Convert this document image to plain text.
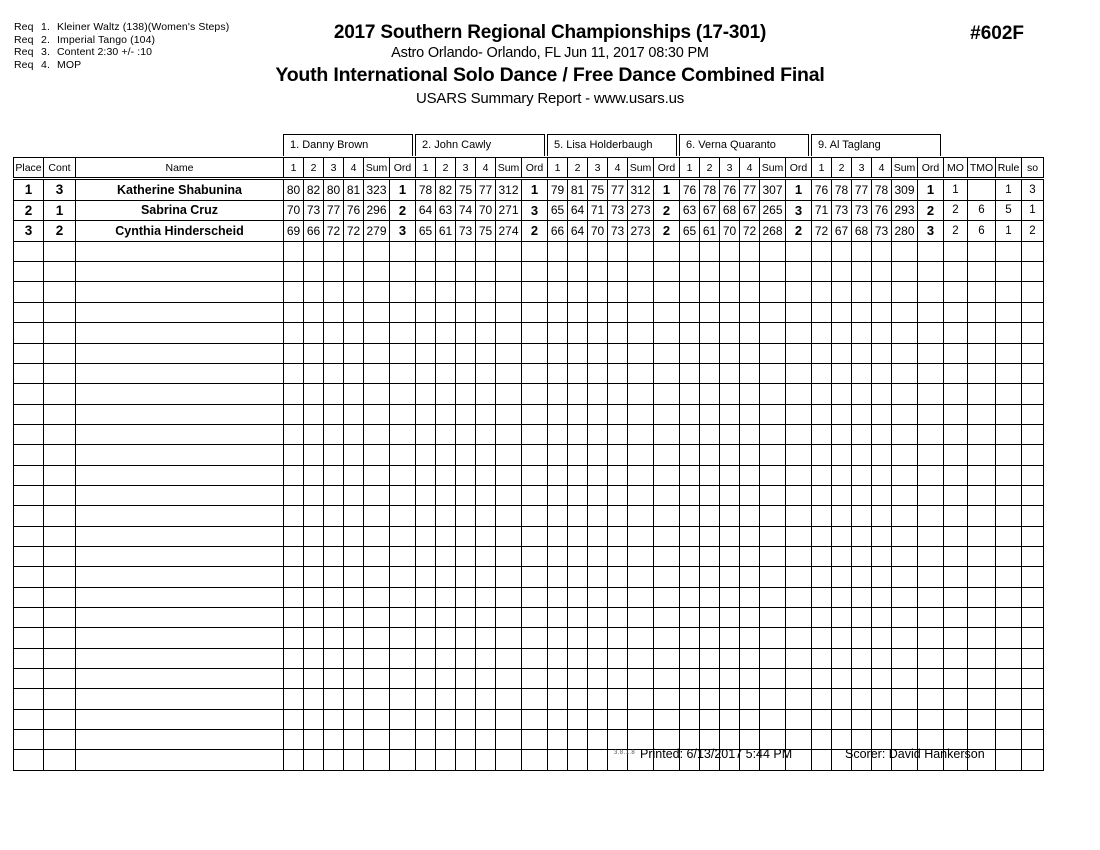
Req 1. Kleiner Waltz (138)(Women's Steps)
Req 2. Imperial Tango (104)
Req 3. Content 2:30 +/- :10
Req 4. MOP
2017 Southern Regional Championships (17-301)
Astro Orlando- Orlando, FL Jun 11, 2017 08:30 PM
Youth International Solo Dance / Free Dance Combined Final
USARS Summary Report - www.usars.us
#602F
1. Danny Brown	2. John Cawly	5. Lisa Holderbaugh	6. Verna Quaranto	9. Al Taglang
Place	Cont	Name	1	2	3	4	Sum	Ord	1	2	3	4	Sum	Ord	1	2	3	4	Sum	Ord	1	2	3	4	Sum	Ord	1	2	3	4	Sum	Ord	MO	TMO	Rule	so
1	3	Katherine Shabunina	80	82	80	81	323	1	78	82	75	77	312	1	79	81	75	77	312	1	76	78	76	77	307	1	76	78	77	78	309	1	1		1	3
2	1	Sabrina Cruz	70	73	77	76	296	2	64	63	74	70	271	3	65	64	71	73	273	2	63	67	68	67	265	3	71	73	73	76	293	2	2	6	5	1
3	2	Cynthia Hinderscheid	69	66	72	72	279	3	65	61	73	75	274	2	66	64	70	73	273	2	65	61	70	72	268	2	72	67	68	73	280	3	2	6	1	2

3.8.1.8 Printed: 6/13/2017 5:44 PM	Scorer: David Hankerson
